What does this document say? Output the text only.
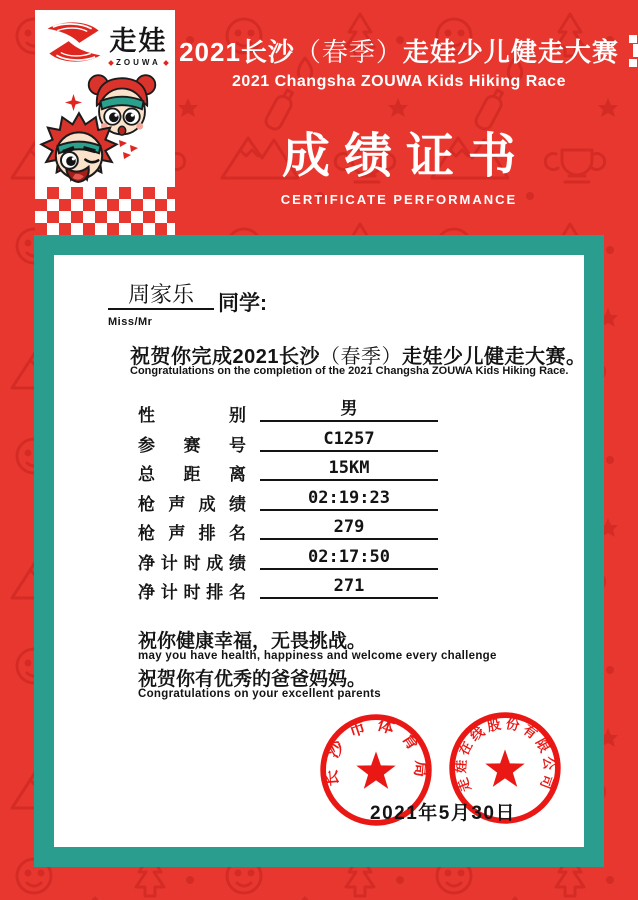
走娃
ZOUWA 2021长沙（春季）走娃少儿健走大赛
2021 Changsha ZOUWA Kids Hiking Race
成绩证书
CERTIFICATE PERFORMANCE
周家乐	同学:
Miss/Mr
祝贺你完成2021长沙（春季）走娃少儿健走大赛。
Congratulations on the completion of the 2021 Changsha ZOUWA Kids Hiking Race.
性别	男
参赛号	C1257
总距离	15KM
枪声成绩	02:19:23
枪声排名	279
净计时成绩	02:17:50
净计时排名	271
祝你健康幸福，无畏挑战。
may you have health, happiness and welcome every challenge
祝贺你有优秀的爸爸妈妈。
Congratulations on your excellent parents
长沙市体育局 走娃在线股份有限公司
2021年5月30日
